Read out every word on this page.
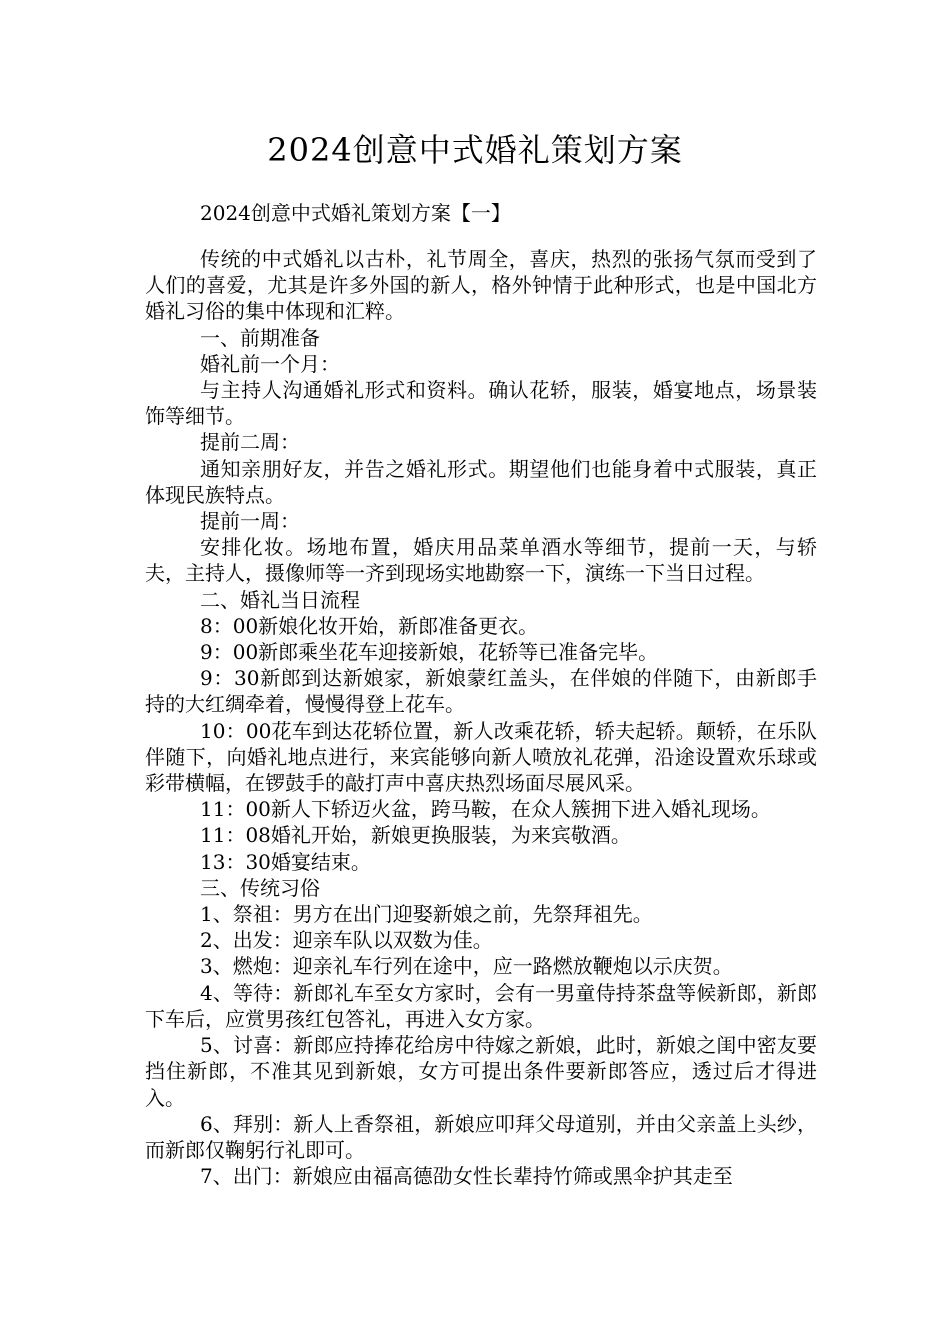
2024创意中式婚礼策划方案

2024创意中式婚礼策划方案【一】

传统的中式婚礼以古朴，礼节周全，喜庆，热烈的张扬气氛而受到了人们的喜爱，尤其是许多外国的新人，格外钟情于此种形式，也是中国北方婚礼习俗的集中体现和汇粹。

一、前期准备

婚礼前一个月：

与主持人沟通婚礼形式和资料。确认花轿，服装，婚宴地点，场景装饰等细节。

提前二周：

通知亲朋好友，并告之婚礼形式。期望他们也能身着中式服装，真正体现民族特点。

提前一周：

安排化妆。场地布置，婚庆用品菜单酒水等细节，提前一天，与轿夫，主持人，摄像师等一齐到现场实地勘察一下，演练一下当日过程。

二、婚礼当日流程

8：00新娘化妆开始，新郎准备更衣。

9：00新郎乘坐花车迎接新娘，花轿等已准备完毕。

9：30新郎到达新娘家，新娘蒙红盖头，在伴娘的伴随下，由新郎手持的大红绸牵着，慢慢得登上花车。

10：00花车到达花轿位置，新人改乘花轿，轿夫起轿。颠轿，在乐队伴随下，向婚礼地点进行，来宾能够向新人喷放礼花弹，沿途设置欢乐球或彩带横幅，在锣鼓手的敲打声中喜庆热烈场面尽展风采。

11：00新人下轿迈火盆，跨马鞍，在众人簇拥下进入婚礼现场。

11：08婚礼开始，新娘更换服装，为来宾敬酒。

13：30婚宴结束。

三、传统习俗

1、祭祖：男方在出门迎娶新娘之前，先祭拜祖先。

2、出发：迎亲车队以双数为佳。

3、燃炮：迎亲礼车行列在途中，应一路燃放鞭炮以示庆贺。

4、等待：新郎礼车至女方家时，会有一男童侍持茶盘等候新郎，新郎下车后，应赏男孩红包答礼，再进入女方家。

5、讨喜：新郎应持捧花给房中待嫁之新娘，此时，新娘之闺中密友要挡住新郎，不准其见到新娘，女方可提出条件要新郎答应，透过后才得进入。

6、拜别：新人上香祭祖，新娘应叩拜父母道别，并由父亲盖上头纱，而新郎仅鞠躬行礼即可。

7、出门：新娘应由福高德劭女性长辈持竹筛或黑伞护其走至
